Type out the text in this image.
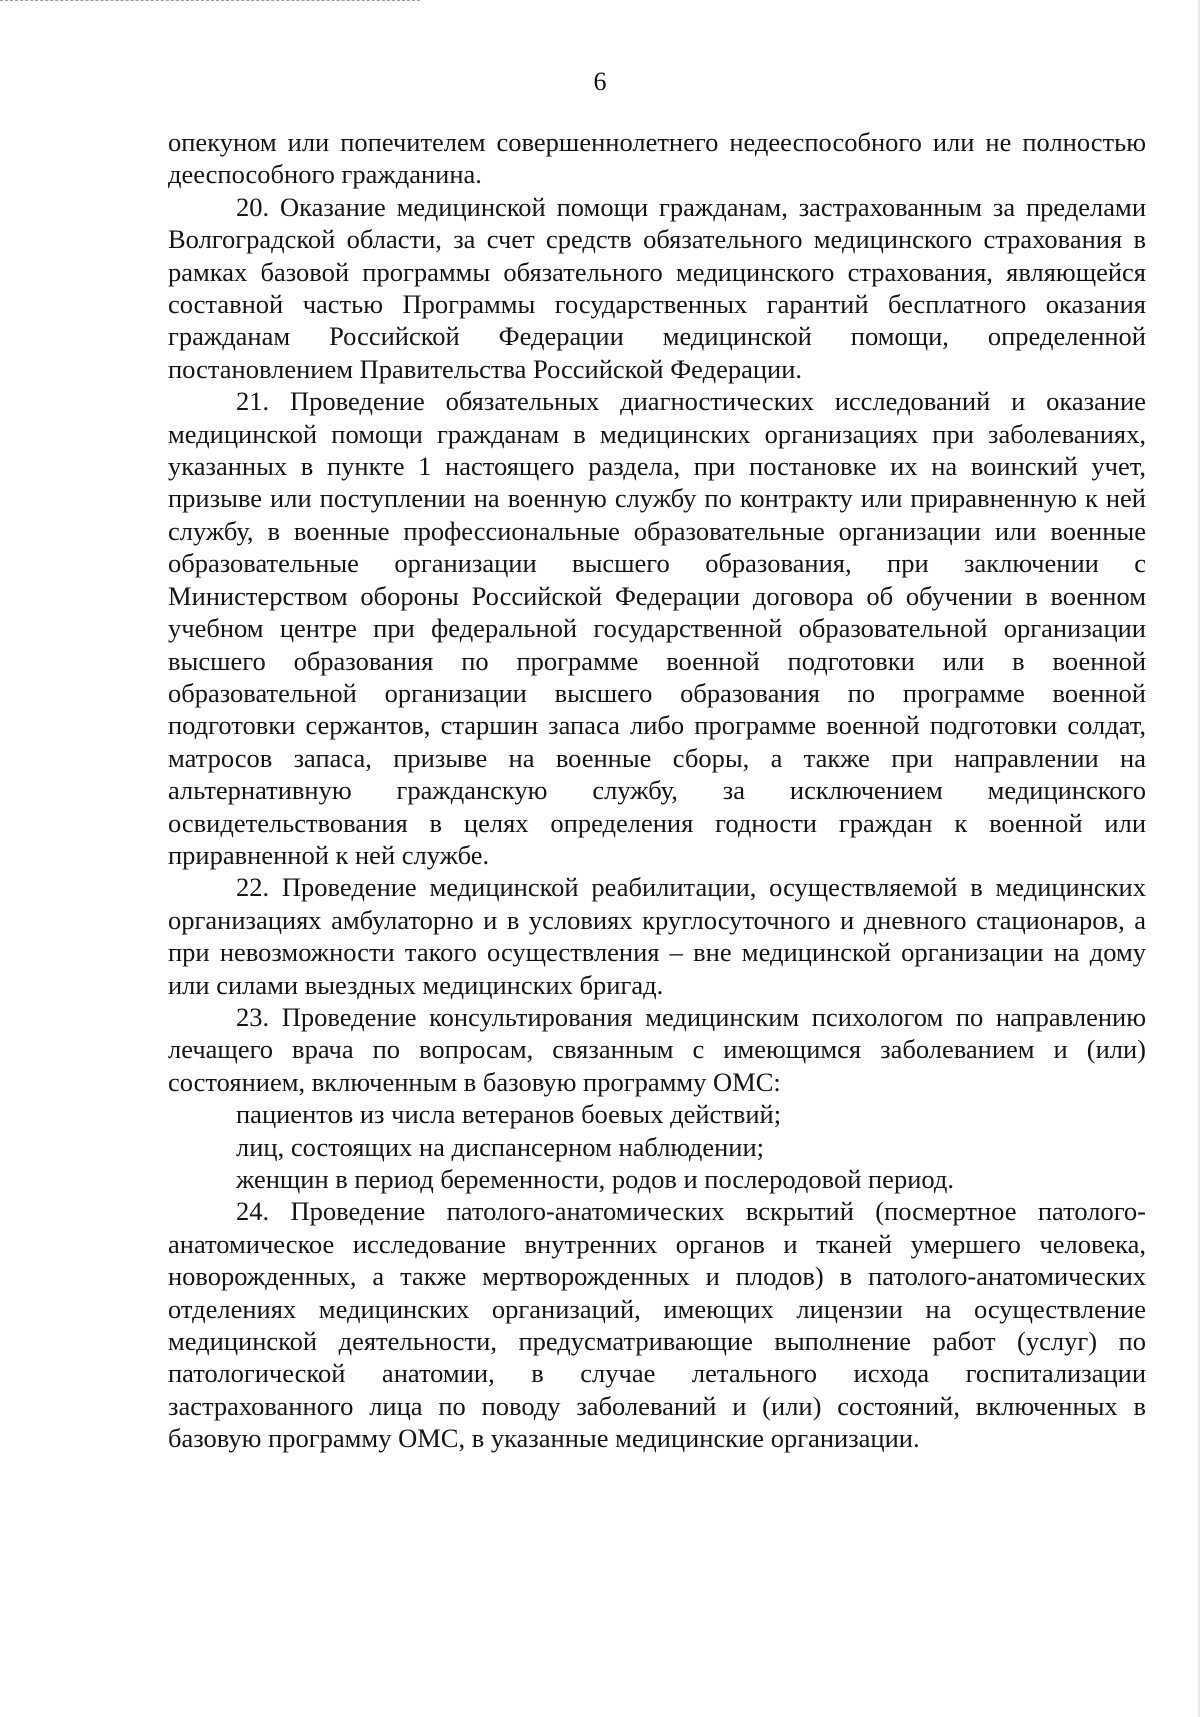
6

опекуном или попечителем совершеннолетнего недееспособного или не полностью дееспособного гражданина.

20. Оказание медицинской помощи гражданам, застрахованным за пределами Волгоградской области, за счет средств обязательного медицинского страхования в рамках базовой программы обязательного медицинского страхования, являющейся составной частью Программы государственных гарантий бесплатного оказания гражданам Российской Федерации медицинской помощи, определенной постановлением Правительства Российской Федерации.

21. Проведение обязательных диагностических исследований и оказание медицинской помощи гражданам в медицинских организациях при заболеваниях, указанных в пункте 1 настоящего раздела, при постановке их на воинский учет, призыве или поступлении на военную службу по контракту или приравненную к ней службу, в военные профессиональные образовательные организации или военные образовательные организации высшего образования, при заключении с Министерством обороны Российской Федерации договора об обучении в военном учебном центре при федеральной государственной образовательной организации высшего образования по программе военной подготовки или в военной образовательной организации высшего образования по программе военной подготовки сержантов, старшин запаса либо программе военной подготовки солдат, матросов запаса, призыве на военные сборы, а также при направлении на альтернативную гражданскую службу, за исключением медицинского освидетельствования в целях определения годности граждан к военной или приравненной к ней службе.

22. Проведение медицинской реабилитации, осуществляемой в медицинских организациях амбулаторно и в условиях круглосуточного и дневного стационаров, а при невозможности такого осуществления – вне медицинской организации на дому или силами выездных медицинских бригад.

23. Проведение консультирования медицинским психологом по направлению лечащего врача по вопросам, связанным с имеющимся заболеванием и (или) состоянием, включенным в базовую программу ОМС:

пациентов из числа ветеранов боевых действий;

лиц, состоящих на диспансерном наблюдении;

женщин в период беременности, родов и послеродовой период.

24. Проведение патолого-анатомических вскрытий (посмертное патолого-анатомическое исследование внутренних органов и тканей умершего человека, новорожденных, а также мертворожденных и плодов) в патолого-анатомических отделениях медицинских организаций, имеющих лицензии на осуществление медицинской деятельности, предусматривающие выполнение работ (услуг) по патологической анатомии, в случае летального исхода госпитализации застрахованного лица по поводу заболеваний и (или) состояний, включенных в базовую программу ОМС, в указанные медицинские организации.
